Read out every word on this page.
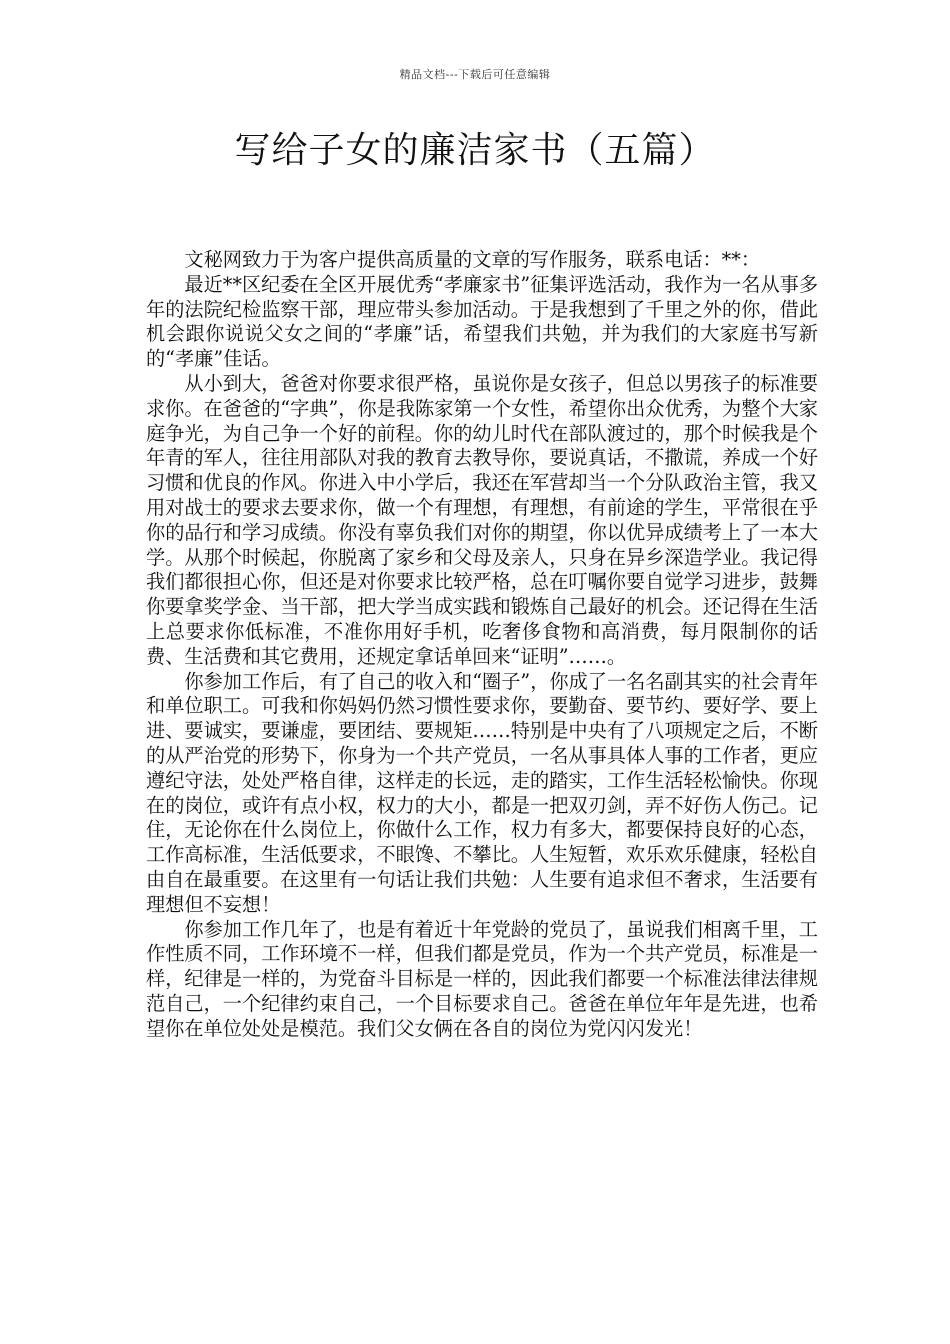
精品文档---下载后可任意编辑
写给子女的廉洁家书（五篇）

文秘网致力于为客户提供高质量的文章的写作服务，联系电话：**：

最近**区纪委在全区开展优秀“孝廉家书”征集评选活动，我作为一名从事多年的法院纪检监察干部，理应带头参加活动。于是我想到了千里之外的你，借此机会跟你说说父女之间的“孝廉”话，希望我们共勉，并为我们的大家庭书写新的“孝廉”佳话。

从小到大，爸爸对你要求很严格，虽说你是女孩子，但总以男孩子的标准要求你。在爸爸的“字典”，你是我陈家第一个女性，希望你出众优秀，为整个大家庭争光，为自己争一个好的前程。你的幼儿时代在部队渡过的，那个时候我是个年青的军人，往往用部队对我的教育去教导你，要说真话，不撒谎，养成一个好习惯和优良的作风。你进入中小学后，我还在军营却当一个分队政治主管，我又用对战士的要求去要求你，做一个有理想，有理想，有前途的学生，平常很在乎你的品行和学习成绩。你没有辜负我们对你的期望，你以优异成绩考上了一本大学。从那个时候起，你脱离了家乡和父母及亲人，只身在异乡深造学业。我记得我们都很担心你，但还是对你要求比较严格，总在叮嘱你要自觉学习进步，鼓舞你要拿奖学金、当干部，把大学当成实践和锻炼自己最好的机会。还记得在生活上总要求你低标准，不准你用好手机，吃奢侈食物和高消费，每月限制你的话费、生活费和其它费用，还规定拿话单回来“证明”……。

你参加工作后，有了自己的收入和“圈子”，你成了一名名副其实的社会青年和单位职工。可我和你妈妈仍然习惯性要求你，要勤奋、要节约、要好学、要上进、要诚实，要谦虚，要团结、要规矩……特别是中央有了八项规定之后，不断的从严治党的形势下，你身为一个共产党员，一名从事具体人事的工作者，更应遵纪守法，处处严格自律，这样走的长远，走的踏实，工作生活轻松愉快。你现在的岗位，或许有点小权，权力的大小，都是一把双刃剑，弄不好伤人伤己。记住，无论你在什么岗位上，你做什么工作，权力有多大，都要保持良好的心态，工作高标准，生活低要求，不眼馋、不攀比。人生短暂，欢乐欢乐健康，轻松自由自在最重要。在这里有一句话让我们共勉：人生要有追求但不奢求，生活要有理想但不妄想！

你参加工作几年了，也是有着近十年党龄的党员了，虽说我们相离千里，工作性质不同，工作环境不一样，但我们都是党员，作为一个共产党员，标准是一样，纪律是一样的，为党奋斗目标是一样的，因此我们都要一个标准法律法律规范自己，一个纪律约束自己，一个目标要求自己。爸爸在单位年年是先进，也希望你在单位处处是模范。我们父女俩在各自的岗位为党闪闪发光！
